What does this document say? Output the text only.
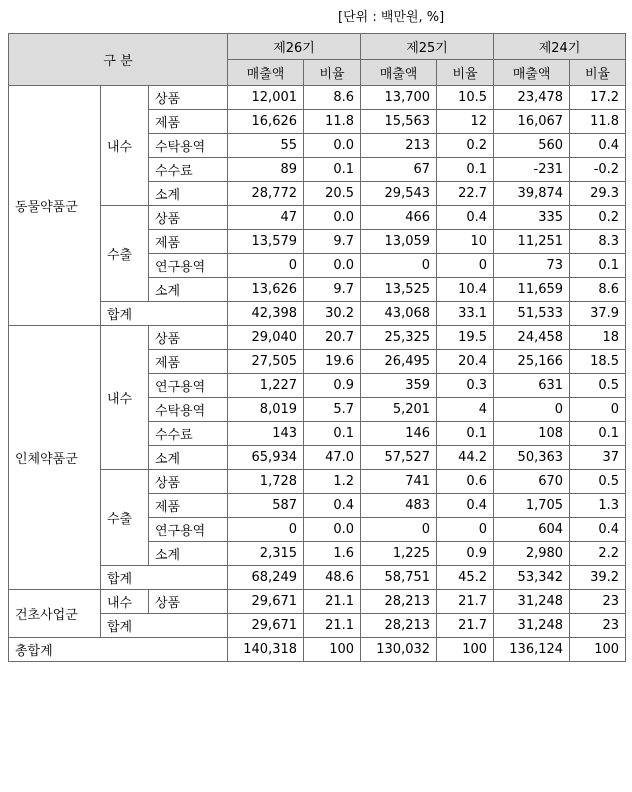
[단위 : 백만원, %]
구 분			제26기		제25기		제24기	
			매출액	비율	매출액	비율	매출액	비율
동물약품군	내수	상품	12,001	8.6	13,700	10.5	23,478	17.2
		제품	16,626	11.8	15,563	12	16,067	11.8
		수탁용역	55	0.0	213	0.2	560	0.4
		수수료	89	0.1	67	0.1	-231	-0.2
		소계	28,772	20.5	29,543	22.7	39,874	29.3
	수출	상품	47	0.0	466	0.4	335	0.2
		제품	13,579	9.7	13,059	10	11,251	8.3
		연구용역	0	0.0	0	0	73	0.1
		소계	13,626	9.7	13,525	10.4	11,659	8.6
	합계		42,398	30.2	43,068	33.1	51,533	37.9
인체약품군	내수	상품	29,040	20.7	25,325	19.5	24,458	18
		제품	27,505	19.6	26,495	20.4	25,166	18.5
		연구용역	1,227	0.9	359	0.3	631	0.5
		수탁용역	8,019	5.7	5,201	4	0	0
		수수료	143	0.1	146	0.1	108	0.1
		소계	65,934	47.0	57,527	44.2	50,363	37
	수출	상품	1,728	1.2	741	0.6	670	0.5
		제품	587	0.4	483	0.4	1,705	1.3
		연구용역	0	0.0	0	0	604	0.4
		소계	2,315	1.6	1,225	0.9	2,980	2.2
	합계		68,249	48.6	58,751	45.2	53,342	39.2
건초사업군	내수	상품	29,671	21.1	28,213	21.7	31,248	23
	합계		29,671	21.1	28,213	21.7	31,248	23
총합계			140,318	100	130,032	100	136,124	100
